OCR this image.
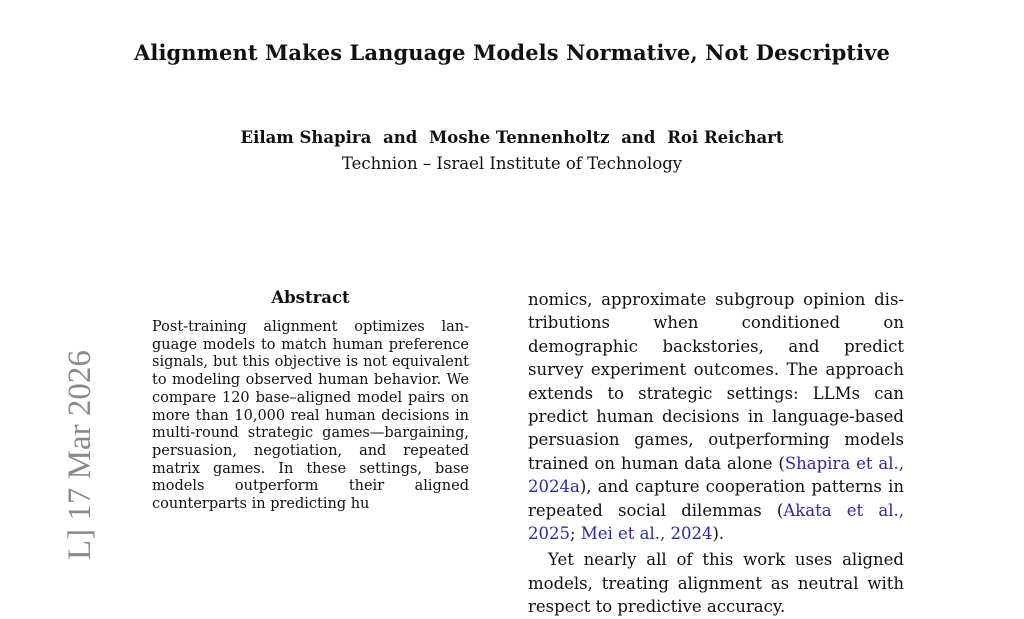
Alignment Makes Language Models Normative, Not Descriptive
Eilam Shapira and Moshe Tennenholtz and Roi Reichart
Technion – Israel Institute of Technology
L] 17 Mar 2026
Abstract
Post-training alignment optimizes language models to match human preference signals, but this objective is not equivalent to modeling observed human behavior. We compare 120 base–aligned model pairs on more than 10,000 real human decisions in multi-round strategic games—bargaining, persuasion, negotiation, and repeated matrix games. In these settings, base models outperform their aligned counterparts in predicting hu

nomics, approximate subgroup opinion distributions when conditioned on demographic backstories, and predict survey experiment outcomes. The approach extends to strategic settings: LLMs can predict human decisions in language-based persuasion games, outperforming models trained on human data alone (Shapira et al., 2024a), and capture cooperation patterns in repeated social dilemmas (Akata et al., 2025; Mei et al., 2024).

Yet nearly all of this work uses aligned models, treating alignment as neutral with respect to predictive accuracy.
